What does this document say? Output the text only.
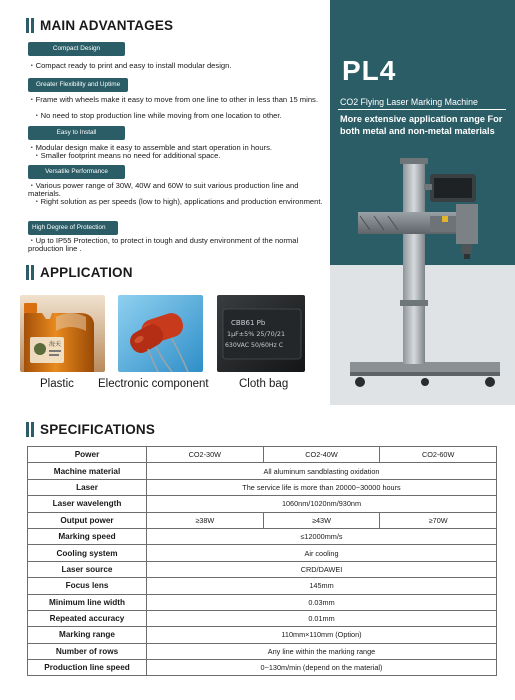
MAIN ADVANTAGES
Compact Design
・Compact ready to print and easy to install modular design.
Greater Flexibility and Uptime
・Frame with wheels make it easy to move from one line to other in less than 15 mins.
・No need to stop production line while moving from one location to other.
Easy to Install
・Modular design make it easy to assemble and start operation in hours.
・Smaller footprint means no need for additional space.
Versatile Performance
・Various power range of 30W, 40W and 60W to suit various production line and materials.
・Right solution as per speeds (low to high), applications and production environment.
High Degree of Protection
・Up to IP55 Protection, to protect in tough and dusty environment of the normal production line .
APPLICATION
海天
CBB61 Pb
1μF±5% 25/70/21
630VAC 50/60Hz C
Plastic Electronic component	Cloth bag
PL4
CO2 Flying Laser Marking Machine
More extensive application range For both metal and non-metal materials
SPECIFICATIONS
Power	CO2-30W	CO2-40W	CO2-60W
Machine material	All aluminum sandblasting oxidation		
Laser	The service life is more than 20000~30000 hours		
Laser wavelength	1060nm/1020nm/930nm		
Output power	≥38W	≥43W	≥70W
Marking speed	≤12000mm/s		
Cooling system	Air cooling		
Laser source	CRD/DAWEI		
Focus lens	145mm		
Minimum line width	0.03mm		
Repeated accuracy	0.01mm		
Marking range	110mm×110mm (Option)		
Number of rows	Any line within the marking range		
Production line speed	0~130m/min (depend on the material)		
